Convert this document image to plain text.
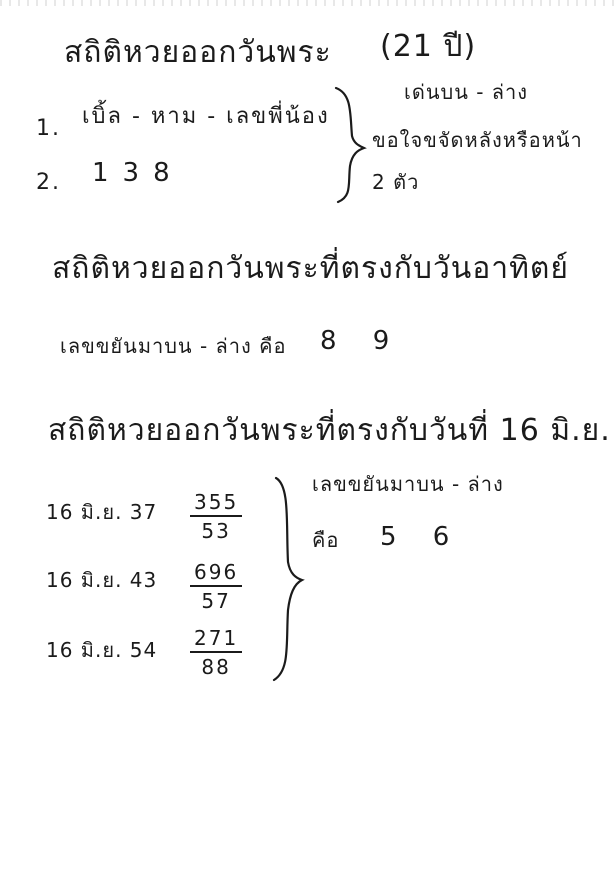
สถิติหวยออกวันพระ (21 ปี)
1. เบิ้ล - หาม - เลขพี่น้อง
2. 138
เด่นบน - ล่าง
ขอใจขจัดหลังหรือหน้า
2 ตัว
สถิติหวยออกวันพระที่ตรงกับวันอาทิตย์
เลขขยันมาบน - ล่าง คือ 8 9
สถิติหวยออกวันพระที่ตรงกับวันที่ 16 มิ.ย.
16 มิ.ย. $37 \frac{355}{53}$
16 มิ.ย. $43 \frac{696}{57}$
16 มิ.ย. $54 \frac{271}{88}$
เลขขยันมาบน - ล่าง
คือ 5 6
